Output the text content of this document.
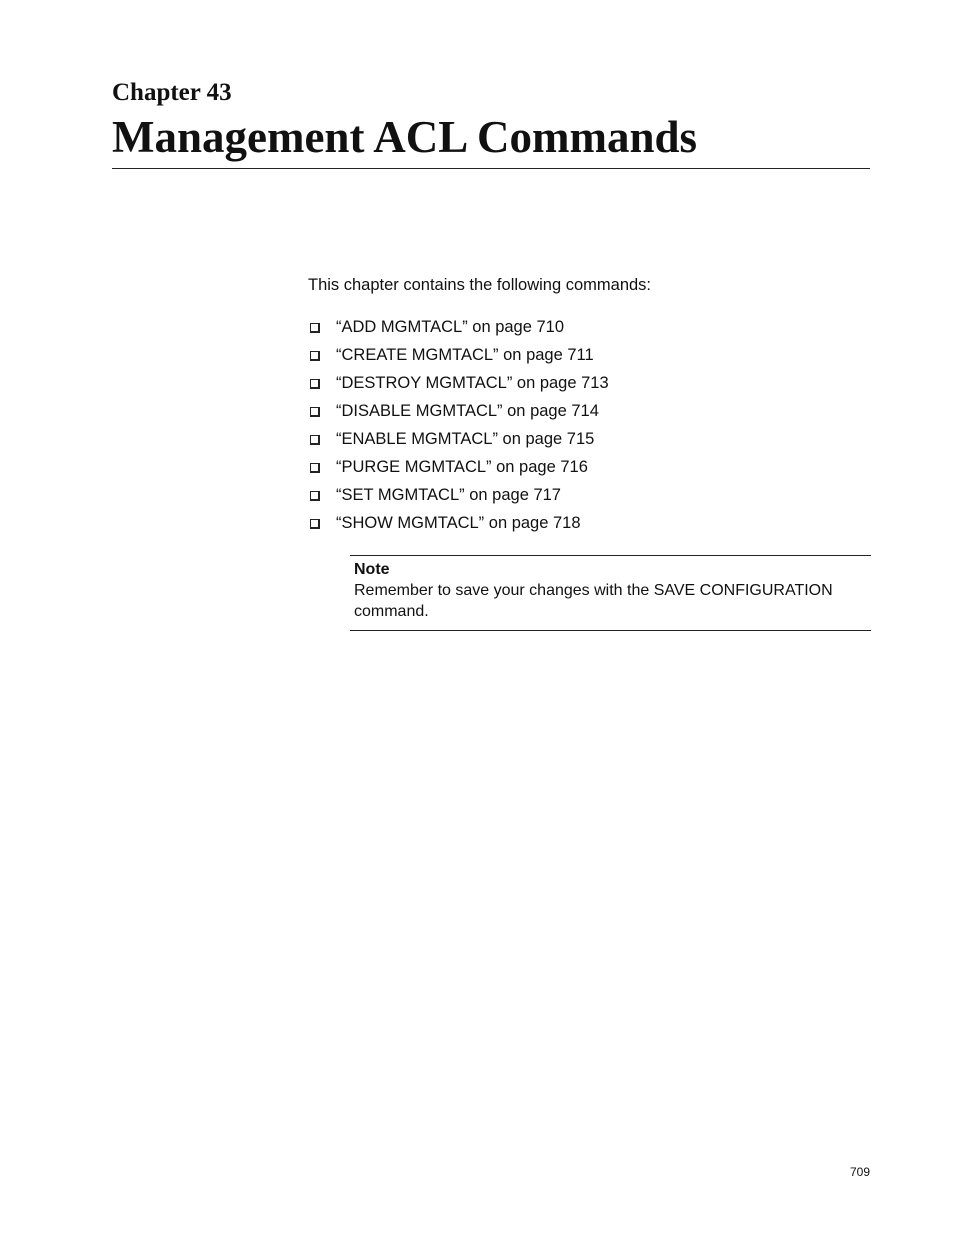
Chapter 43
Management ACL Commands

This chapter contains the following commands:

“ADD MGMTACL” on page 710
“CREATE MGMTACL” on page 711
“DESTROY MGMTACL” on page 713
“DISABLE MGMTACL” on page 714
“ENABLE MGMTACL” on page 715
“PURGE MGMTACL” on page 716
“SET MGMTACL” on page 717
“SHOW MGMTACL” on page 718

Note

Remember to save your changes with the SAVE CONFIGURATION command.

709
